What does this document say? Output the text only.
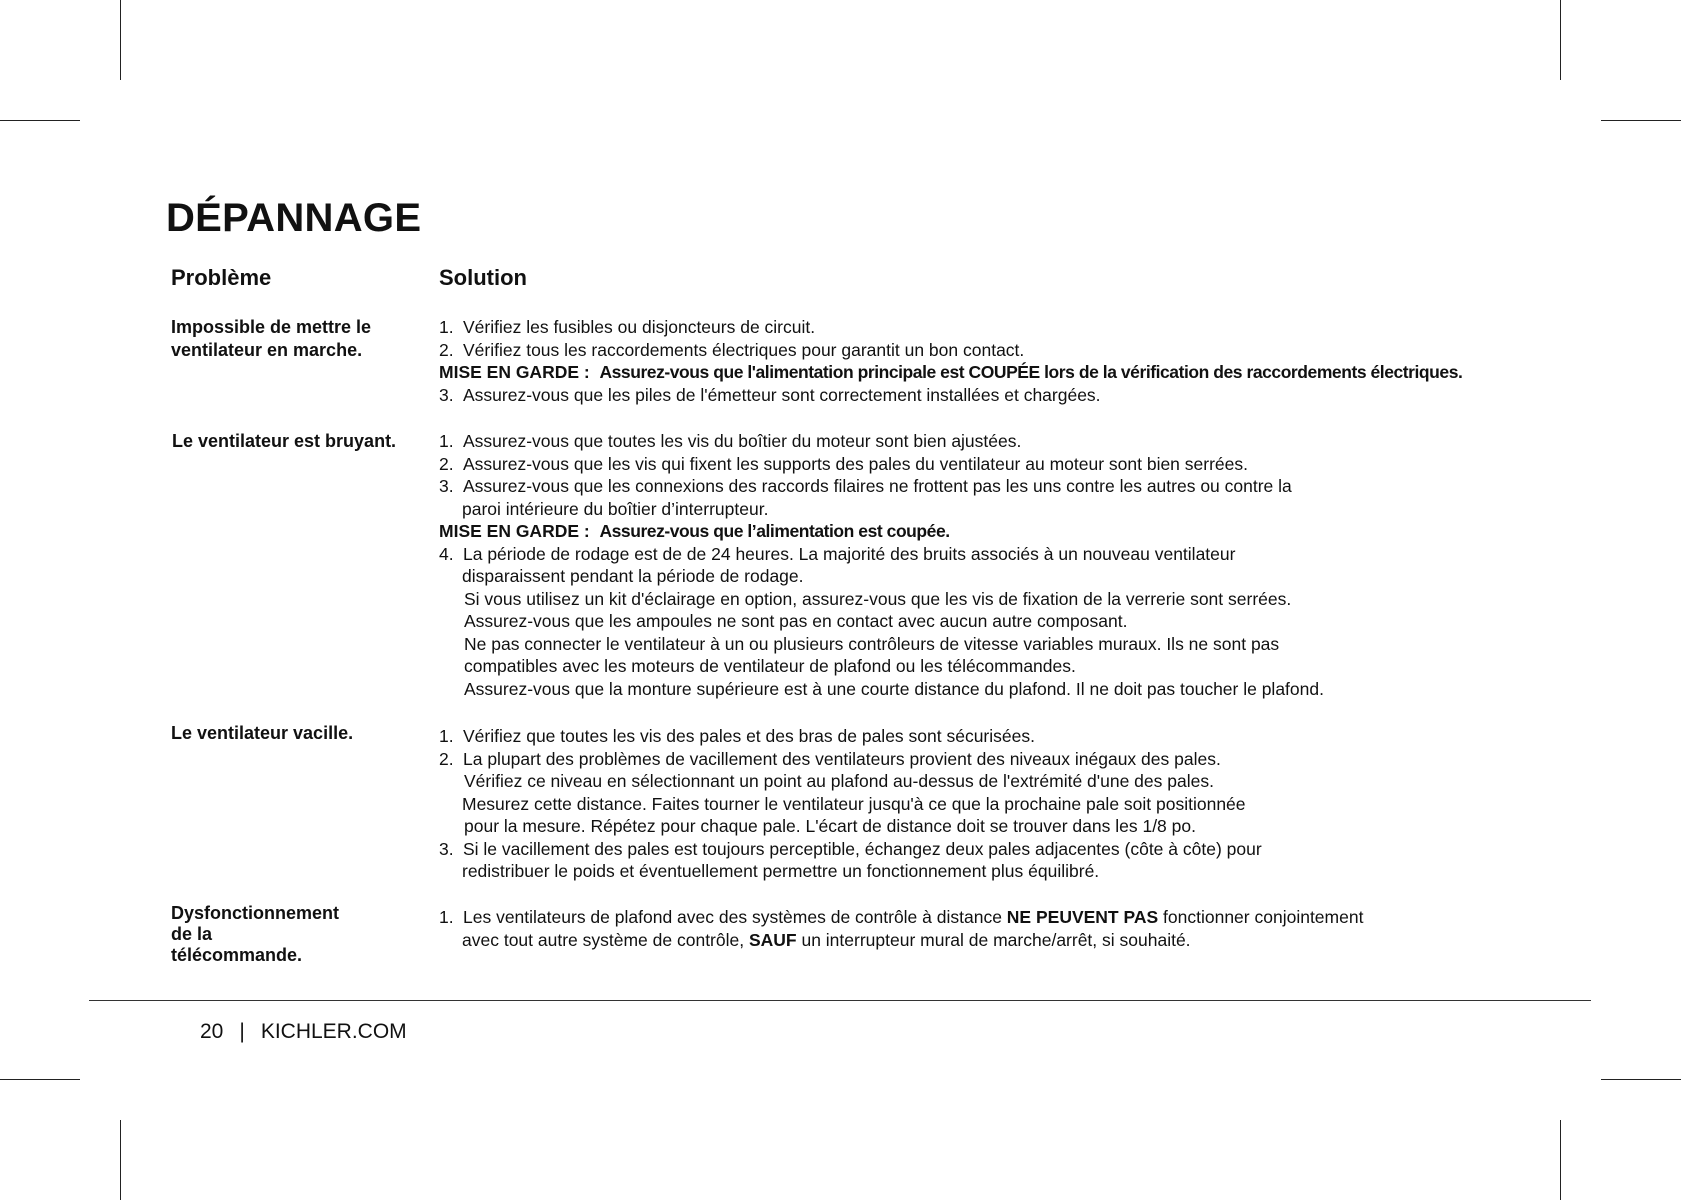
DÉPANNAGE
Problème	Solution
Impossible de mettre le
ventilateur en marche.
1. Vérifiez les fusibles ou disjoncteurs de circuit.
2. Vérifiez tous les raccordements électriques pour garantit un bon contact.
MISE EN GARDE : Assurez-vous que l'alimentation principale est COUPÉE lors de la vérification des raccordements électriques.
3. Assurez-vous que les piles de l'émetteur sont correctement installées et chargées.
Le ventilateur est bruyant. 1. Assurez-vous que toutes les vis du boîtier du moteur sont bien ajustées.
2. Assurez-vous que les vis qui fixent les supports des pales du ventilateur au moteur sont bien serrées.
3. Assurez-vous que les connexions des raccords filaires ne frottent pas les uns contre les autres ou contre la
paroi intérieure du boîtier d’interrupteur.
MISE EN GARDE : Assurez-vous que l’alimentation est coupée.
4. La période de rodage est de de 24 heures. La majorité des bruits associés à un nouveau ventilateur
disparaissent pendant la période de rodage.
Si vous utilisez un kit d'éclairage en option, assurez-vous que les vis de fixation de la verrerie sont serrées.
Assurez-vous que les ampoules ne sont pas en contact avec aucun autre composant.
Ne pas connecter le ventilateur à un ou plusieurs contrôleurs de vitesse variables muraux. Ils ne sont pas
compatibles avec les moteurs de ventilateur de plafond ou les télécommandes.
Assurez-vous que la monture supérieure est à une courte distance du plafond. Il ne doit pas toucher le plafond.
Le ventilateur vacille.	1. Vérifiez que toutes les vis des pales et des bras de pales sont sécurisées.
2. La plupart des problèmes de vacillement des ventilateurs provient des niveaux inégaux des pales.
Vérifiez ce niveau en sélectionnant un point au plafond au-dessus de l'extrémité d'une des pales.
Mesurez cette distance. Faites tourner le ventilateur jusqu'à ce que la prochaine pale soit positionnée
pour la mesure. Répétez pour chaque pale. L'écart de distance doit se trouver dans les 1/8 po.
3. Si le vacillement des pales est toujours perceptible, échangez deux pales adjacentes (côte à côte) pour
redistribuer le poids et éventuellement permettre un fonctionnement plus équilibré.
Dysfonctionnement
de la
télécommande.
1. Les ventilateurs de plafond avec des systèmes de contrôle à distance NE PEUVENT PAS fonctionner conjointement
avec tout autre système de contrôle, SAUF un interrupteur mural de marche/arrêt, si souhaité.
20 | KICHLER.COM
